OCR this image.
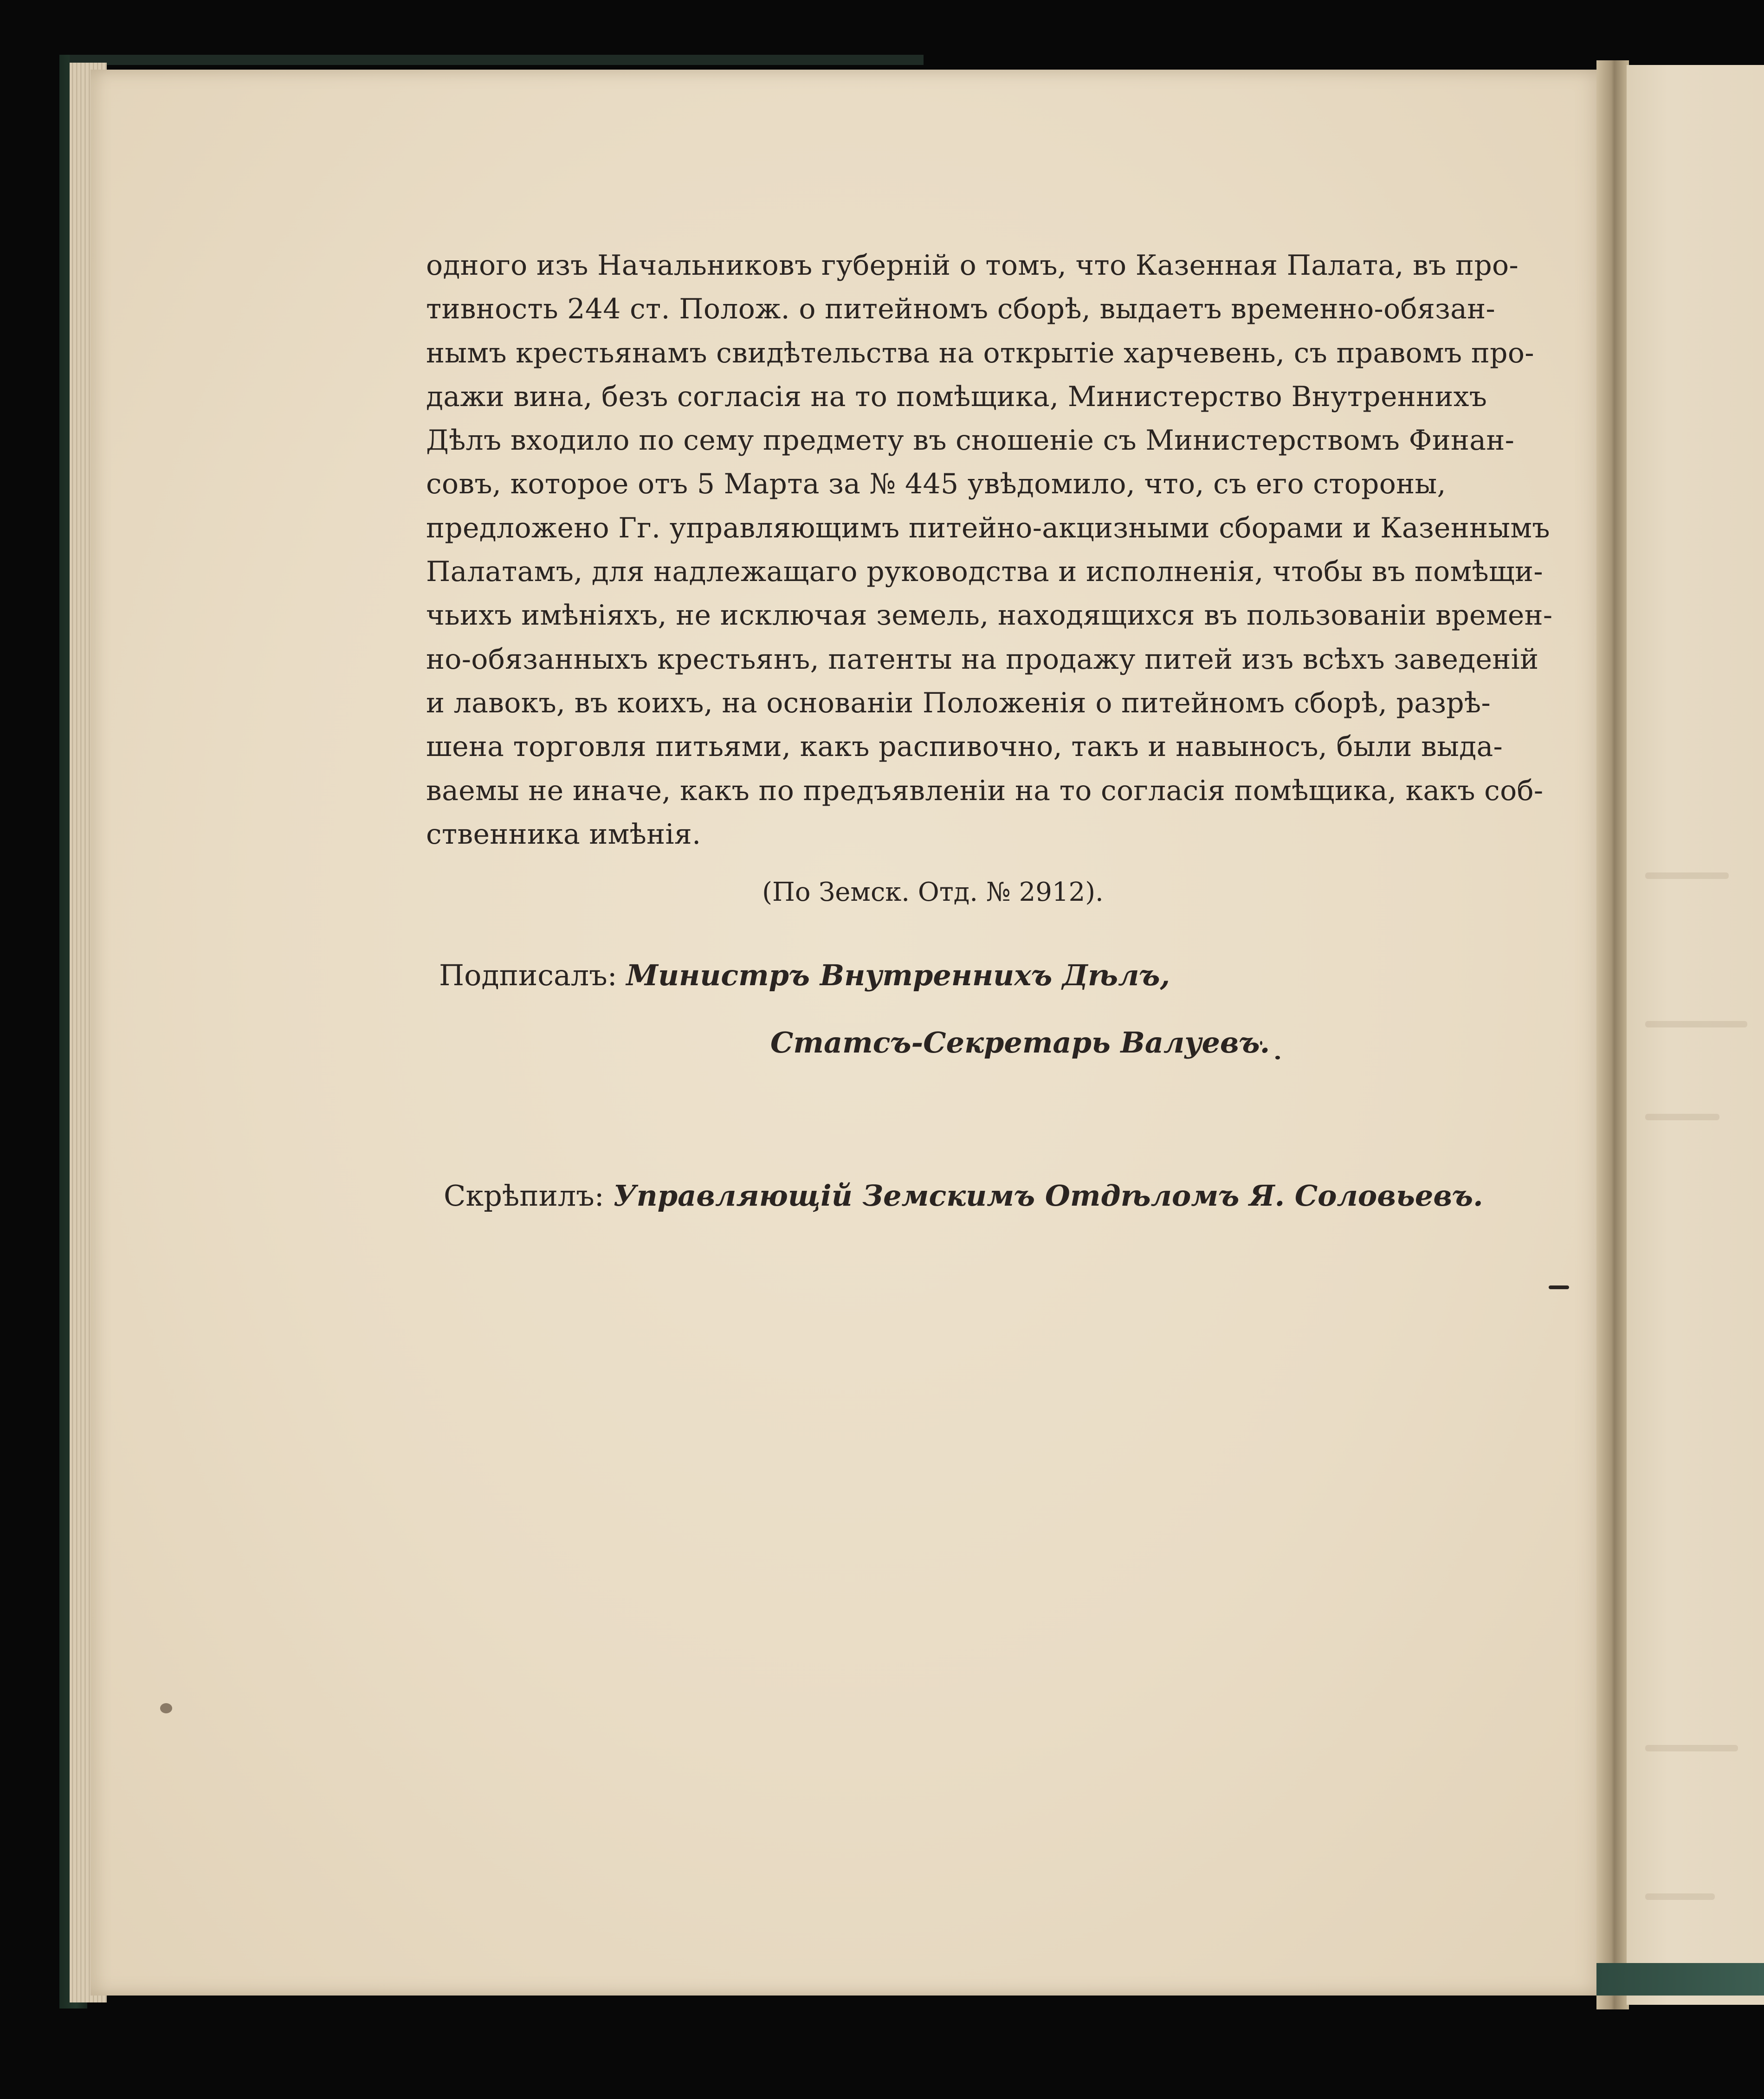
одного изъ Начальниковъ губерній о томъ, что Казенная Палата, въ про-
тивность 244 ст. Полож. о питейномъ сборѣ, выдаетъ временно-обязан-
нымъ крестьянамъ свидѣтельства на открытіе харчевень, съ правомъ про-
дажи вина, безъ согласія на то помѣщика, Министерство Внутреннихъ
Дѣлъ входило по сему предмету въ сношеніе съ Министерствомъ Финан-
совъ, которое отъ 5 Марта за № 445 увѣдомило, что, съ его стороны,
предложено Гг. управляющимъ питейно-акцизными сборами и Казеннымъ
Палатамъ, для надлежащаго руководства и исполненія, чтобы въ помѣщи-
чьихъ имѣніяхъ, не исключая земель, находящихся въ пользованіи времен-
но-обязанныхъ крестьянъ, патенты на продажу питей изъ всѣхъ заведеній
и лавокъ, въ коихъ, на основаніи Положенія о питейномъ сборѣ, разрѣ-
шена торговля питьями, какъ распивочно, такъ и навыносъ, были выда-
ваемы не иначе, какъ по предъявленіи на то согласія помѣщика, какъ соб-
ственника имѣнія.
(По Земск. Отд. № 2912).
Подписалъ: Министръ Внутреннихъ Дѣлъ,
Статсъ-Секретарь Валуевъ.
Скрѣпилъ: Управляющій Земскимъ Отдѣломъ Я. Соловьевъ.
